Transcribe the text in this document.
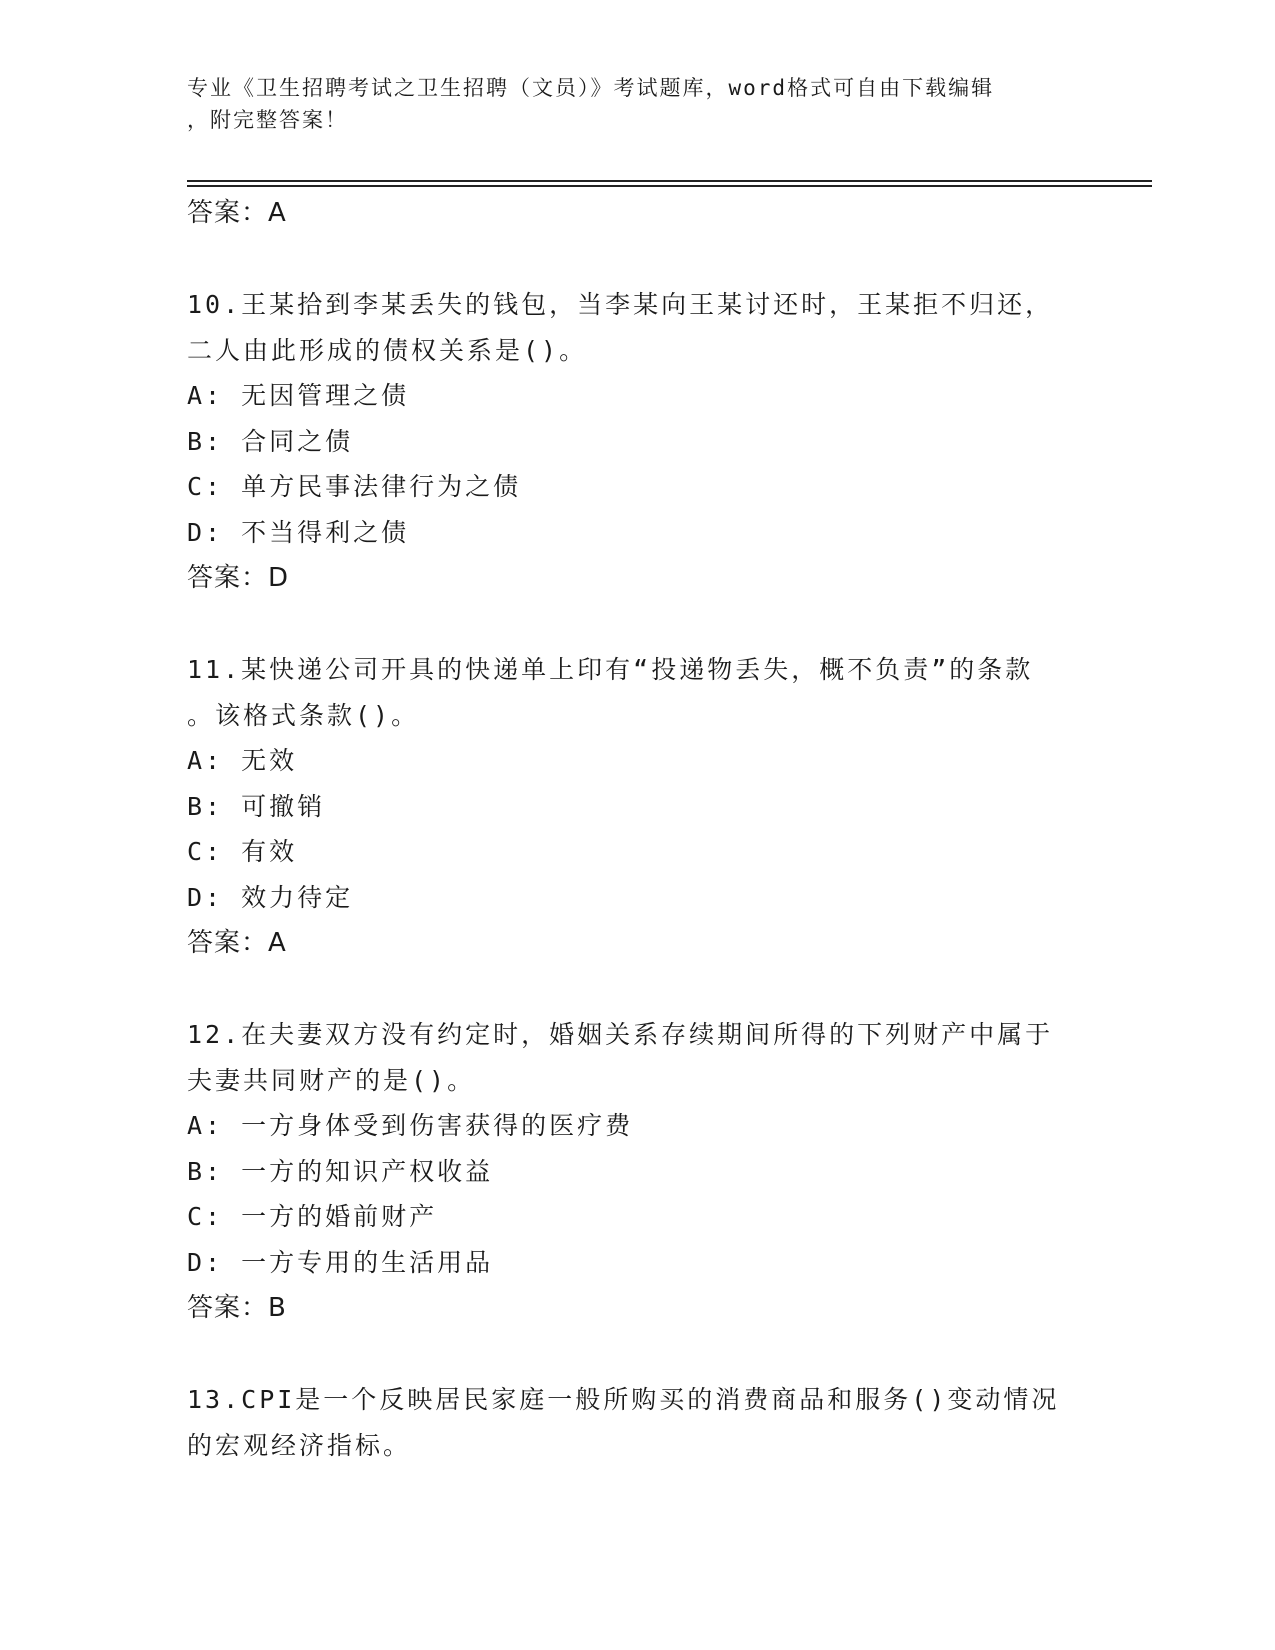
专业《卫生招聘考试之卫生招聘（文员）》考试题库，word格式可自由下载编辑
，附完整答案！
答案：A
10.王某拾到李某丢失的钱包，当李某向王某讨还时，王某拒不归还，
二人由此形成的债权关系是()。
A: 无因管理之债
B: 合同之债
C: 单方民事法律行为之债
D: 不当得利之债
答案：D
11.某快递公司开具的快递单上印有“投递物丢失，概不负责”的条款
。该格式条款()。
A: 无效
B: 可撤销
C: 有效
D: 效力待定
答案：A
12.在夫妻双方没有约定时，婚姻关系存续期间所得的下列财产中属于
夫妻共同财产的是()。
A: 一方身体受到伤害获得的医疗费
B: 一方的知识产权收益
C: 一方的婚前财产
D: 一方专用的生活用品
答案：B
13.CPI是一个反映居民家庭一般所购买的消费商品和服务()变动情况
的宏观经济指标。
